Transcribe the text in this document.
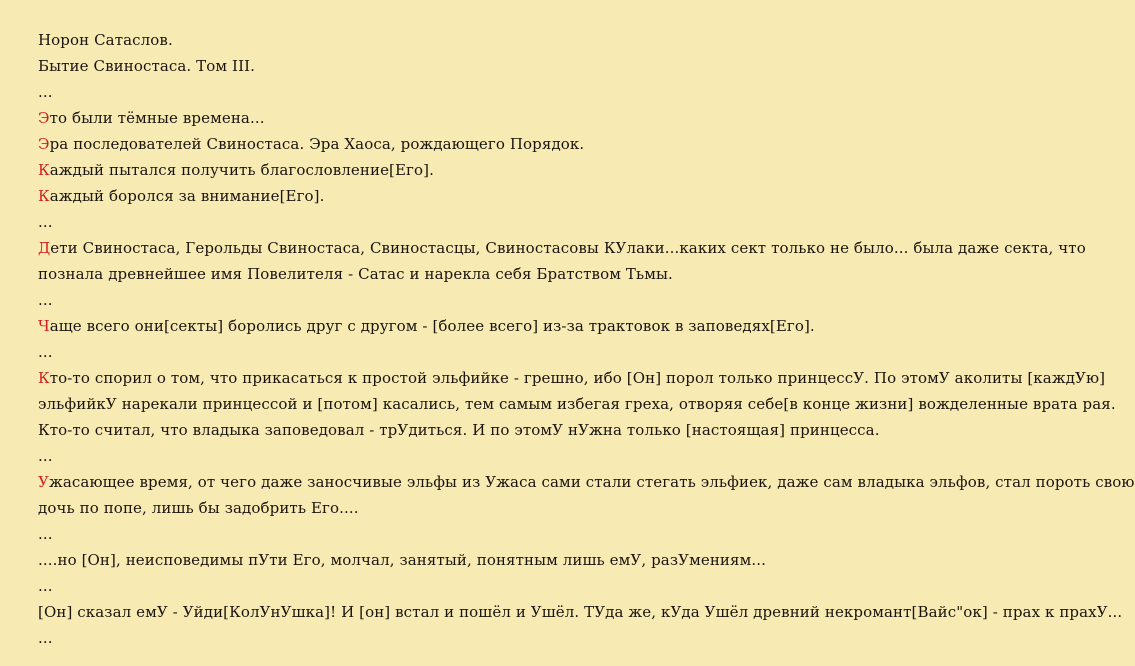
Норон Сатаслов.
Бытие Свиностаса. Том III.
...
Это были тёмные времена...
Эра последователей Свиностаса. Эра Хаоса, рождающего Порядок.
Каждый пытался получить благословление[Его].
Каждый боролся за внимание[Его].
...
Дети Свиностаса, Герольды Свиностаса, Свиностасцы, Свиностасовы КУлаки...каких сект только не было... была даже секта, что
познала древнейшее имя Повелителя - Сатас и нарекла себя Братством Тьмы.
...
Чаще всего они[секты] боролись друг с другом - [более всего] из-за трактовок в заповедях[Его].
...
Кто-то спорил о том, что прикасаться к простой эльфийке - грешно, ибо [Он] порол только принцессУ. По этомУ аколиты [каждУю]
эльфийкУ нарекали принцессой и [потом] касались, тем самым избегая греха, отворяя себе[в конце жизни] вожделенные врата рая.
Кто-то считал, что владыка заповедовал - трУдиться. И по этомУ нУжна только [настоящая] принцесса.
...
Ужасающее время, от чего даже заносчивые эльфы из Ужаса сами стали стегать эльфиек, даже сам владыка эльфов, стал пороть свою
дочь по попе, лишь бы задобрить Его....
...
....но [Он], неисповедимы пУти Его, молчал, занятый, понятным лишь емУ, разУмениям...
...
[Он] сказал емУ - Уйди[КолУнУшка]! И [он] встал и пошёл и Ушёл. ТУда же, кУда Ушёл древний некромант[Вайс"ок] - прах к прахУ...
...
